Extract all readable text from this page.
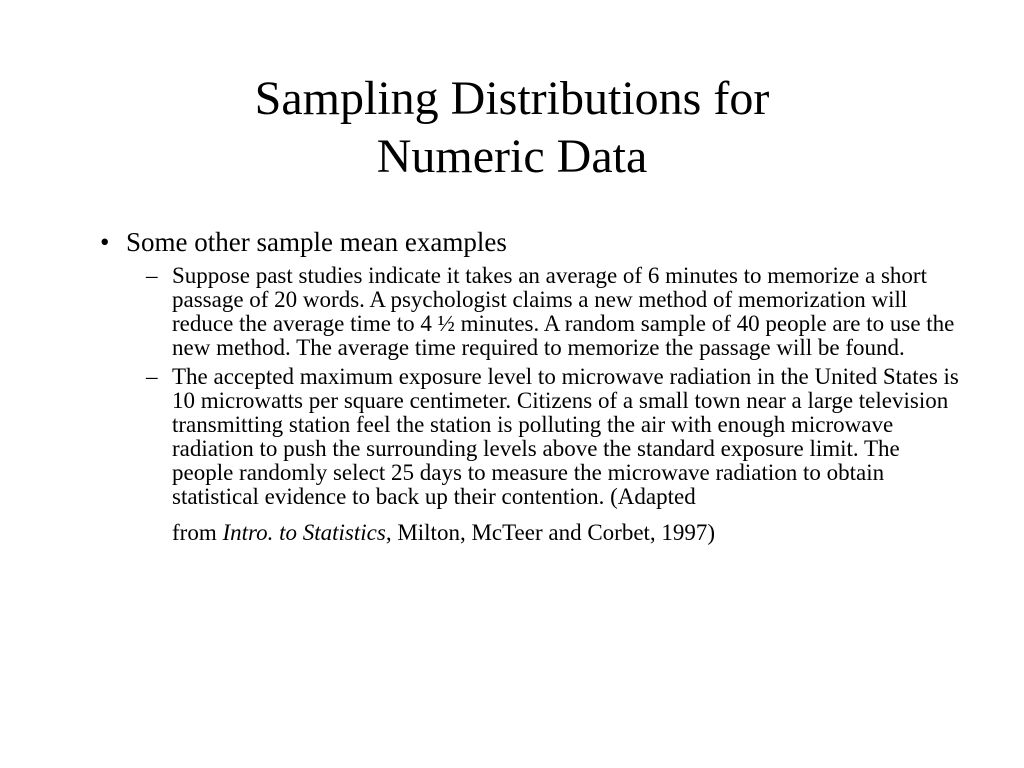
Sampling Distributions for
Numeric Data
• Some other sample mean examples
– Suppose past studies indicate it takes an average of 6 minutes to memorize a short passage of 20 words. A psychologist claims a new method of memorization will reduce the average time to 4 ½ minutes. A random sample of 40 people are to use the new method. The average time required to memorize the passage will be found.
– The accepted maximum exposure level to microwave radiation in the United States is 10 microwatts per square centimeter. Citizens of a small town near a large television transmitting station feel the station is polluting the air with enough microwave radiation to push the surrounding levels above the standard exposure limit. The people randomly select 25 days to measure the microwave radiation to obtain statistical evidence to back up their contention. (Adapted
from Intro. to Statistics, Milton, McTeer and Corbet, 1997)
